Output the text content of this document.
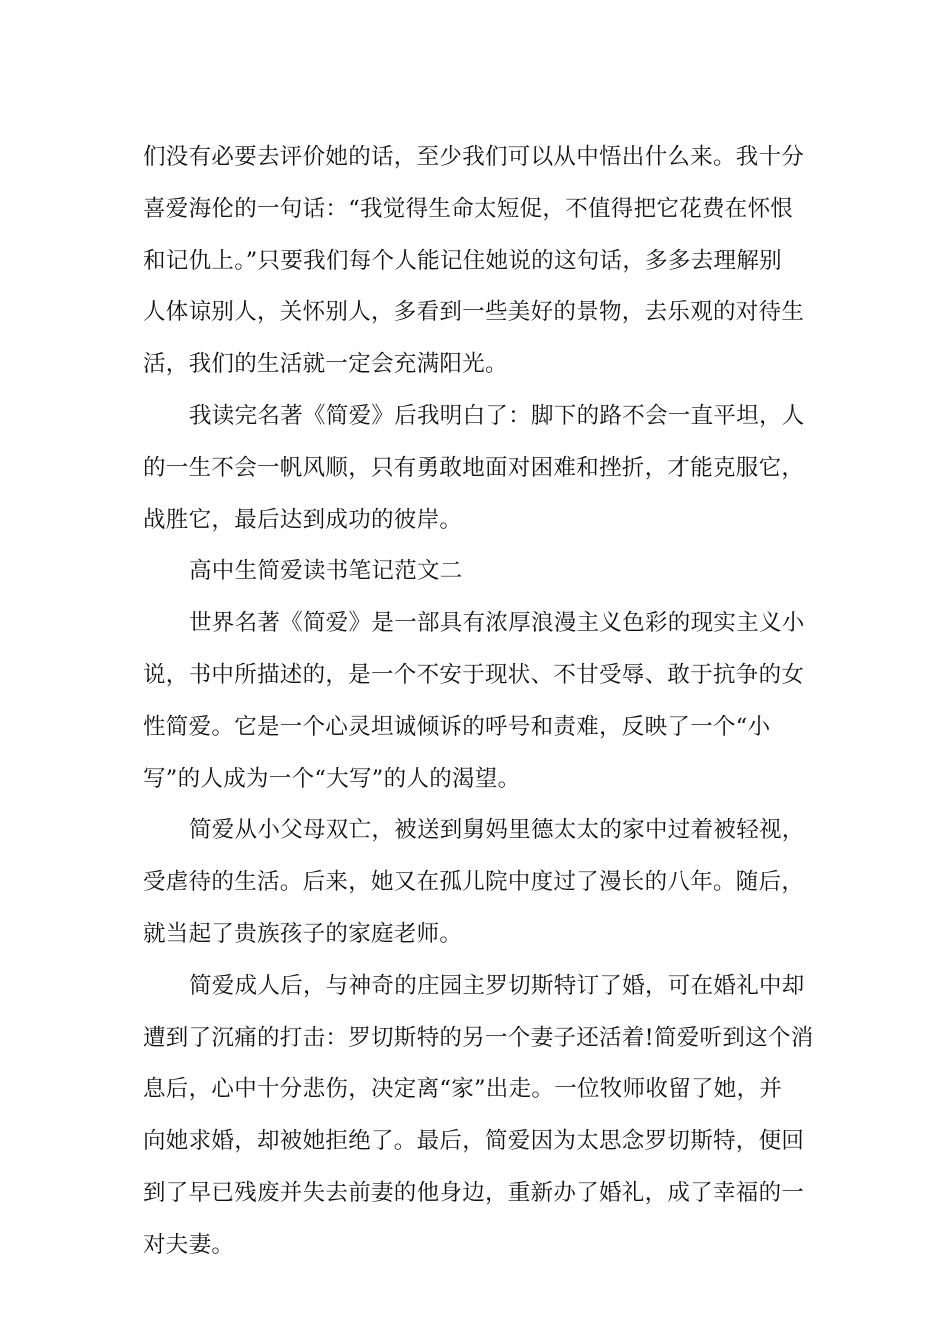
们没有必要去评价她的话，至少我们可以从中悟出什么来。我十分
喜爱海伦的一句话：“我觉得生命太短促，不值得把它花费在怀恨
和记仇上。”只要我们每个人能记住她说的这句话，多多去理解别
人体谅别人，关怀别人，多看到一些美好的景物，去乐观的对待生
活，我们的生活就一定会充满阳光。
我读完名著《简爱》后我明白了：脚下的路不会一直平坦，人
的一生不会一帆风顺，只有勇敢地面对困难和挫折，才能克服它，
战胜它，最后达到成功的彼岸。
高中生简爱读书笔记范文二
世界名著《简爱》是一部具有浓厚浪漫主义色彩的现实主义小
说，书中所描述的，是一个不安于现状、不甘受辱、敢于抗争的女
性简爱。它是一个心灵坦诚倾诉的呼号和责难，反映了一个“小
写”的人成为一个“大写”的人的渴望。
简爱从小父母双亡，被送到舅妈里德太太的家中过着被轻视，
受虐待的生活。后来，她又在孤儿院中度过了漫长的八年。随后，
就当起了贵族孩子的家庭老师。
简爱成人后，与神奇的庄园主罗切斯特订了婚，可在婚礼中却
遭到了沉痛的打击：罗切斯特的另一个妻子还活着!简爱听到这个消
息后，心中十分悲伤，决定离“家”出走。一位牧师收留了她，并
向她求婚，却被她拒绝了。最后，简爱因为太思念罗切斯特，便回
到了早已残废并失去前妻的他身边，重新办了婚礼，成了幸福的一
对夫妻。
